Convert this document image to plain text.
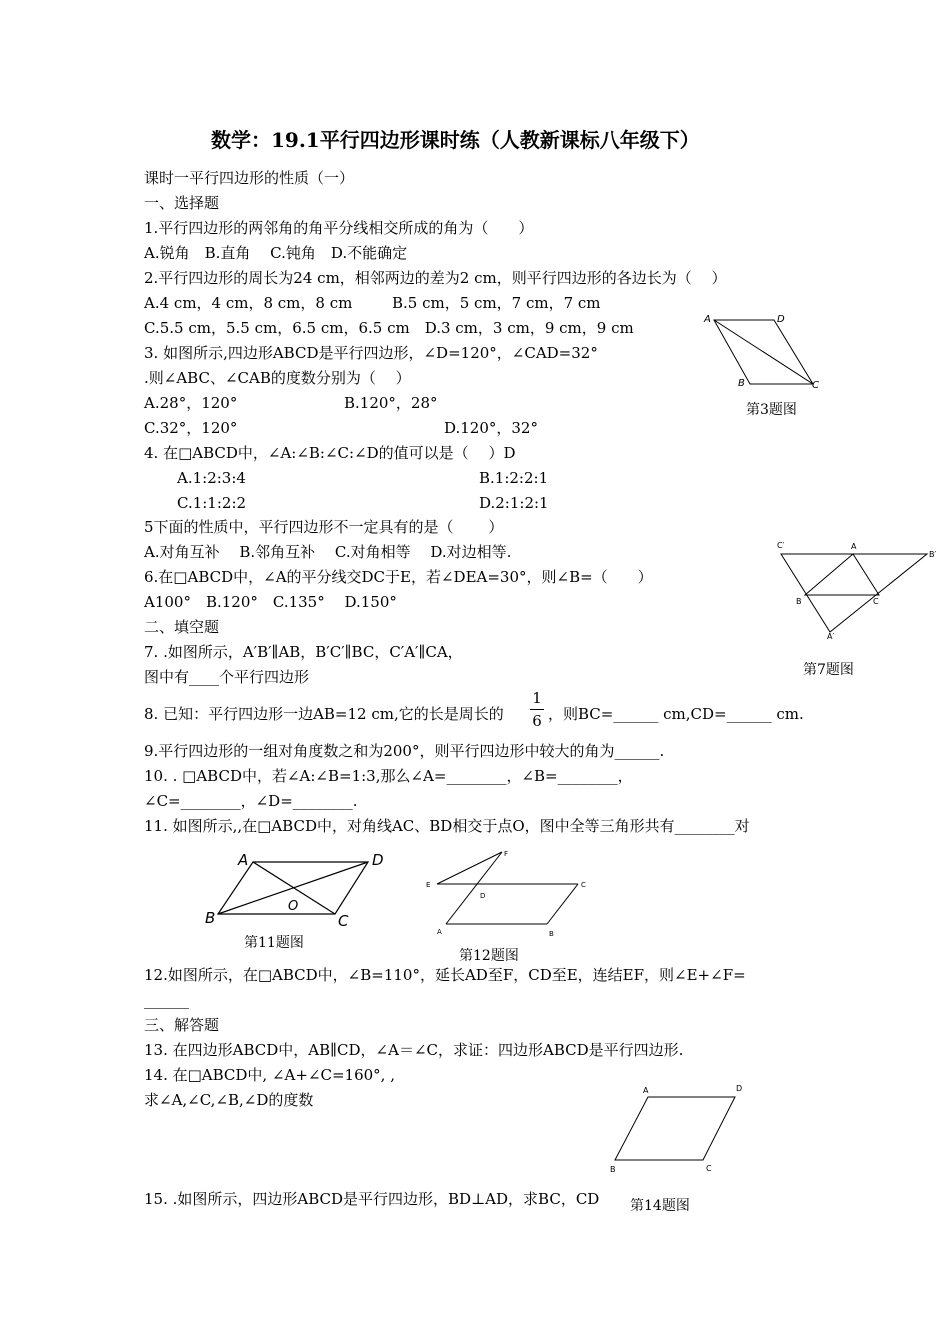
数学：19.1平行四边形课时练（人教新课标八年级下）
课时一平行四边形的性质（一）
一、选择题
1.平行四边形的两邻角的角平分线相交所成的角为（　　）
A.锐角　B.直角　 C.钝角　D.不能确定
2.平行四边形的周长为24 cm，相邻两边的差为2 cm，则平行四边形的各边长为（　 ）
A.4 cm，4 cm，8 cm，8 cm	B.5 cm，5 cm，7 cm，7 cm
C.5.5 cm，5.5 cm，6.5 cm，6.5 cm　D.3 cm，3 cm，9 cm，9 cm
3. 如图所示,四边形ABCD是平行四边形，∠D=120°，∠CAD=32°
.则∠ABC、∠CAB的度数分别为（　 ）
A.28°，120°	B.120°，28°
C.32°，120°	D.120°，32°
4. 在□ABCD中，∠A:∠B:∠C:∠D的值可以是（　 ）D
A.1:2:3:4	B.1:2:2:1
C.1:1:2:2	D.2:1:2:1
5下面的性质中，平行四边形不一定具有的是（　　 ）
A.对角互补　 B.邻角互补　 C.对角相等　 D.对边相等.
6.在□ABCD中，∠A的平分线交DC于E，若∠DEA=30°，则∠B=（　　）
A100°　B.120°　C.135°　 D.150°
二、填空题
7. .如图所示，A′B′∥AB，B′C′∥BC，C′A′∥CA，
图中有____个平行四边形
8. 已知：平行四边形一边AB=12 cm,它的长是周长的
1
6 ，则BC=______ cm,CD=______ cm.
9.平行四边形的一组对角度数之和为200°，则平行四边形中较大的角为______.
10. . □ABCD中，若∠A:∠B=1:3,那么∠A=________，∠B=________，
∠C=________，∠D=________.
11. 如图所示,,在□ABCD中，对角线AC、BD相交于点O，图中全等三角形共有________对
12.如图所示，在□ABCD中，∠B=110°，延长AD至F，CD至E，连结EF，则∠E+∠F=
______
三、解答题
13. 在四边形ABCD中，AB∥CD，∠A＝∠C，求证：四边形ABCD是平行四边形.
14. 在□ABCD中, ∠A+∠C=160°, ,
求∠A,∠C,∠B,∠D的度数
15. .如图所示，四边形ABCD是平行四边形，BD⊥AD，求BC，CD
A	D
B	C
第3题图
C′	A
B′
B	C
A′
第7题图
A	D
B	C
O
第11题图
F
E	C
D
A	B
第12题图
A	D
B	C
第14题图
